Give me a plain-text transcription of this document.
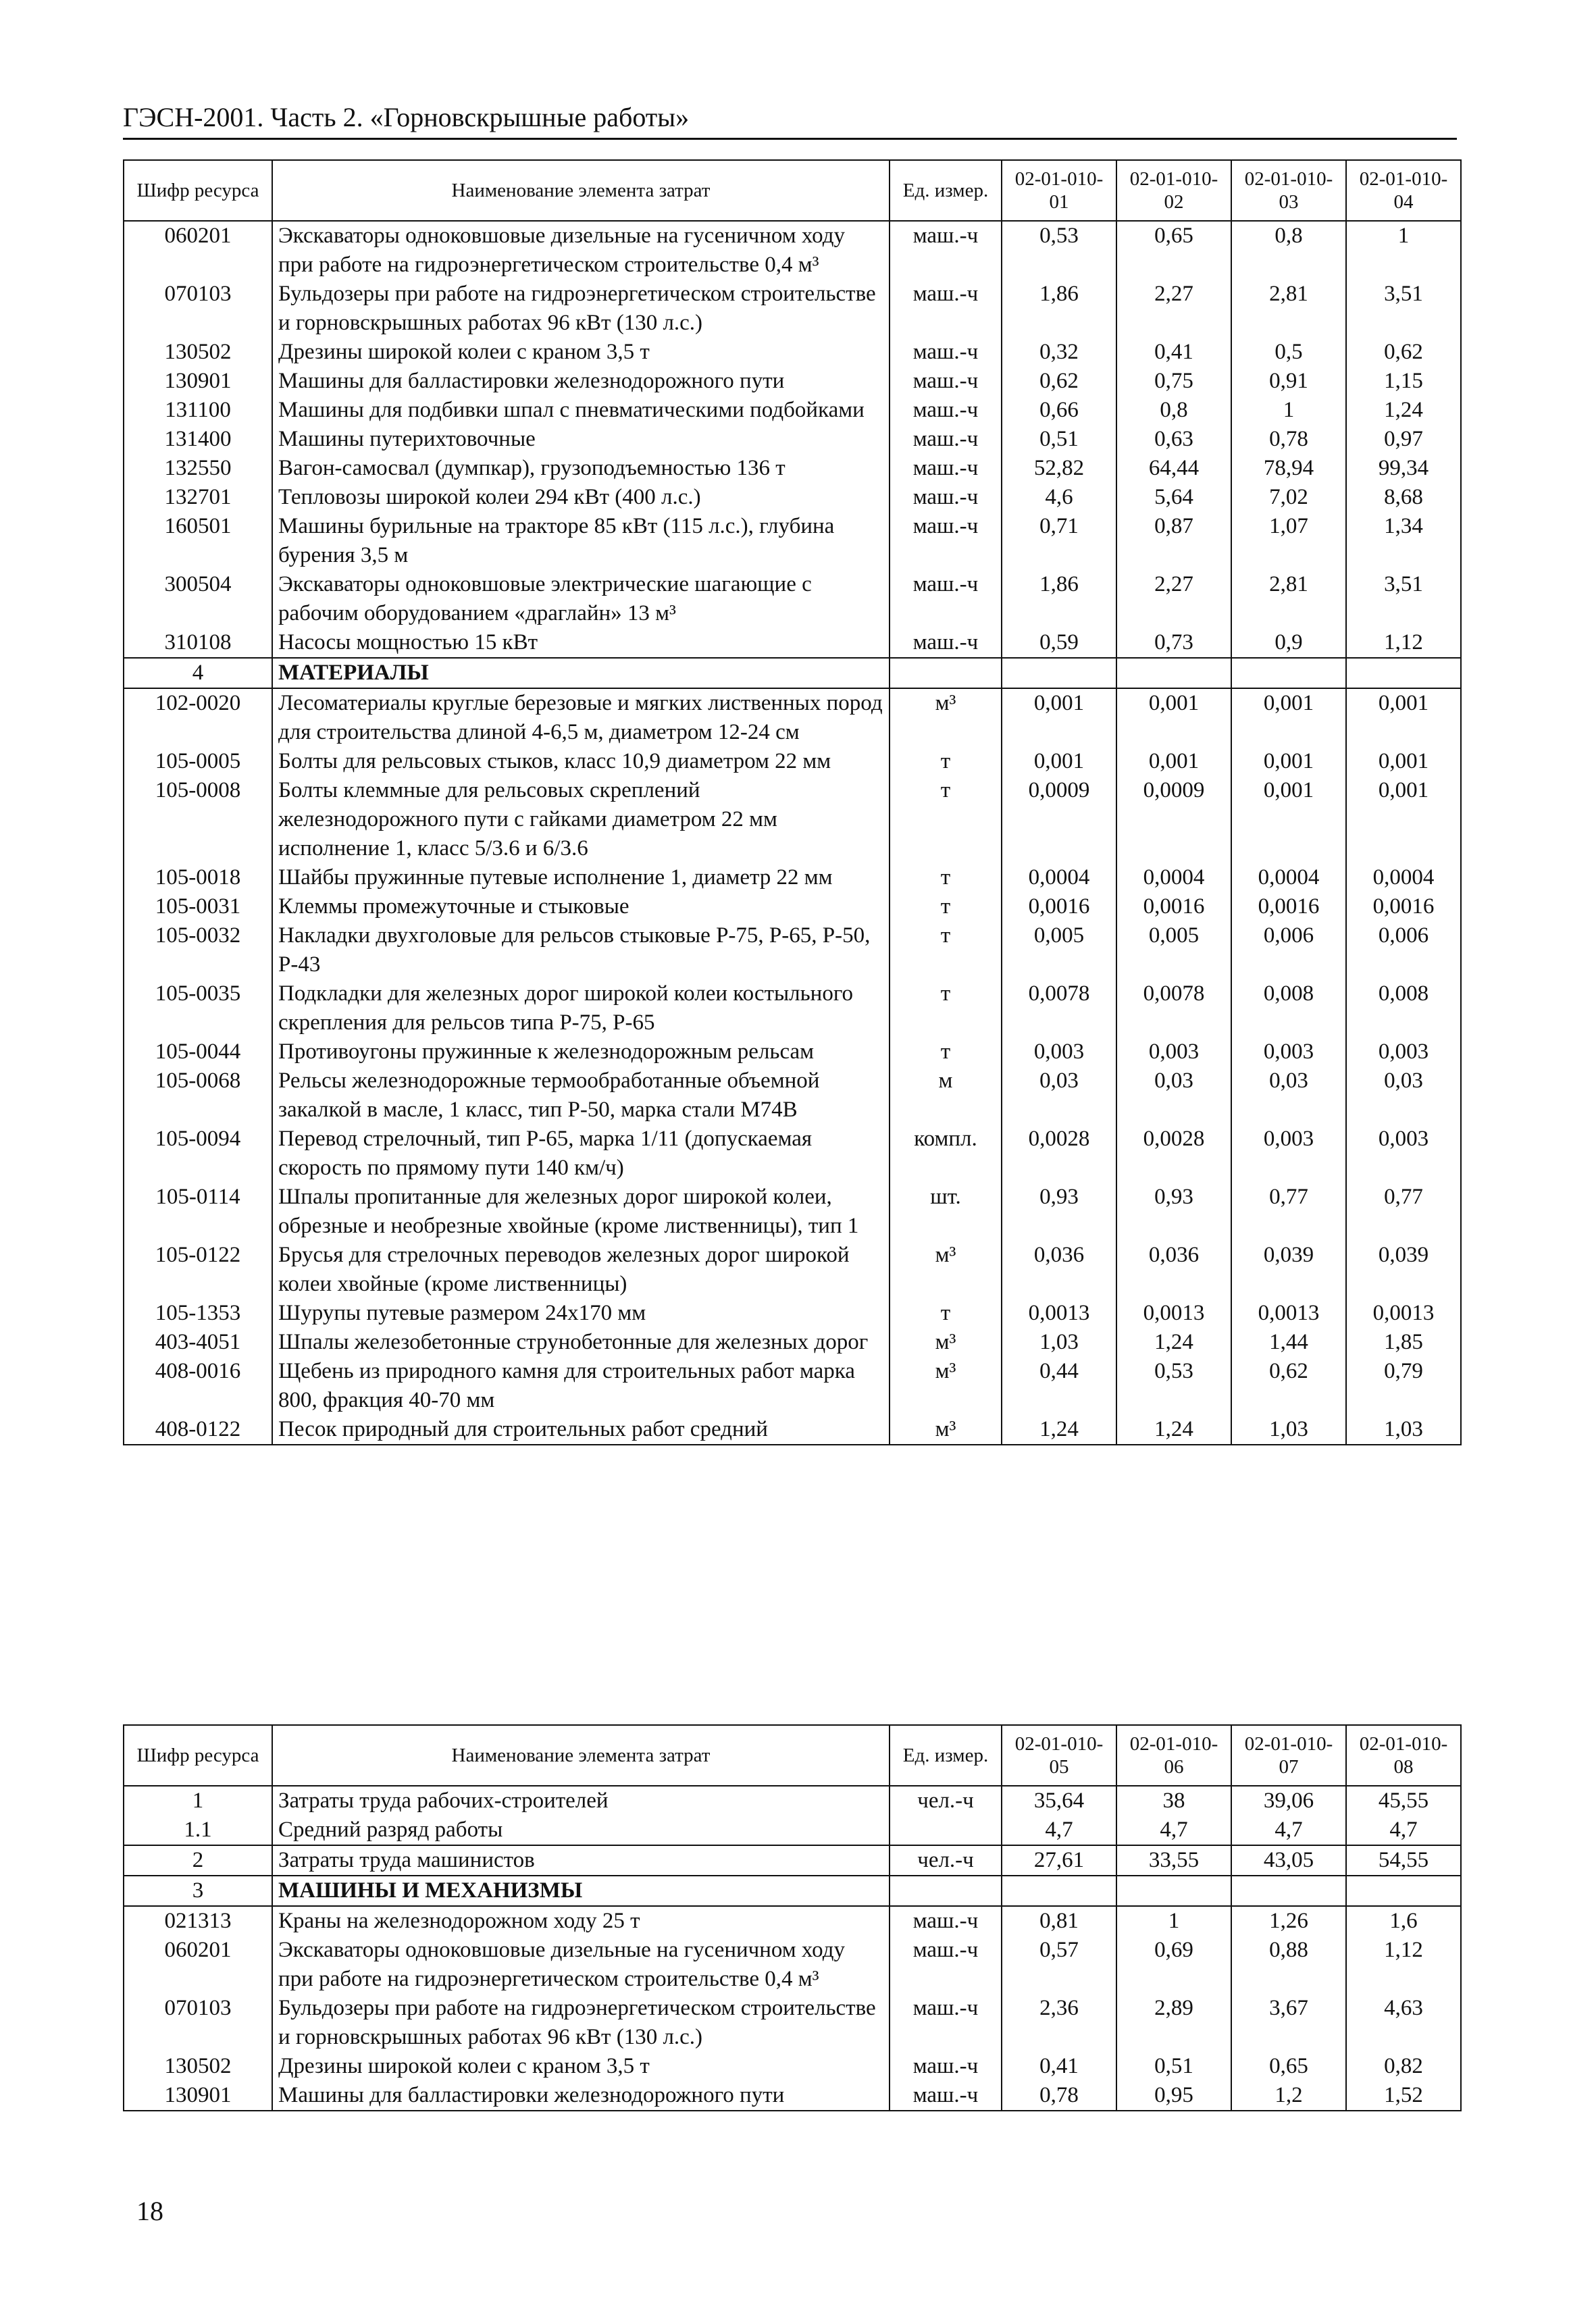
ГЭСН-2001. Часть 2. «Горновскрышные работы»
Шифр ресурса	Наименование элемента затрат	Ед. измер.	02-01-010-01	02-01-010-02	02-01-010-03	02-01-010-04
060201	Экскаваторы одноковшовые дизельные на гусеничном ходу при работе на гидроэнергетическом строительстве 0,4 м³	маш.-ч	0,53	0,65	0,8	1
070103	Бульдозеры при работе на гидроэнергетическом строительстве и горновскрышных работах 96 кВт (130 л.с.)	маш.-ч	1,86	2,27	2,81	3,51
130502	Дрезины широкой колеи с краном 3,5 т	маш.-ч	0,32	0,41	0,5	0,62
130901	Машины для балластировки железнодорожного пути	маш.-ч	0,62	0,75	0,91	1,15
131100	Машины для подбивки шпал с пневматическими подбойками	маш.-ч	0,66	0,8	1	1,24
131400	Машины путерихтовочные	маш.-ч	0,51	0,63	0,78	0,97
132550	Вагон-самосвал (думпкар), грузоподъемностью 136 т	маш.-ч	52,82	64,44	78,94	99,34
132701	Тепловозы широкой колеи 294 кВт (400 л.с.)	маш.-ч	4,6	5,64	7,02	8,68
160501	Машины бурильные на тракторе 85 кВт (115 л.с.), глубина бурения 3,5 м	маш.-ч	0,71	0,87	1,07	1,34
300504	Экскаваторы одноковшовые электрические шагающие с рабочим оборудованием «драглайн» 13 м³	маш.-ч	1,86	2,27	2,81	3,51
310108	Насосы мощностью 15 кВт	маш.-ч	0,59	0,73	0,9	1,12
4	МАТЕРИАЛЫ					
102-0020	Лесоматериалы круглые березовые и мягких лиственных пород для строительства длиной 4-6,5 м, диаметром 12-24 см	м³	0,001	0,001	0,001	0,001
105-0005	Болты для рельсовых стыков, класс 10,9 диаметром 22 мм	т	0,001	0,001	0,001	0,001
105-0008	Болты клеммные для рельсовых скреплений железнодорожного пути с гайками диаметром 22 мм исполнение 1, класс 5/3.6 и 6/3.6	т	0,0009	0,0009	0,001	0,001
105-0018	Шайбы пружинные путевые исполнение 1, диаметр 22 мм	т	0,0004	0,0004	0,0004	0,0004
105-0031	Клеммы промежуточные и стыковые	т	0,0016	0,0016	0,0016	0,0016
105-0032	Накладки двухголовые для рельсов стыковые Р-75, Р-65, Р-50, Р-43	т	0,005	0,005	0,006	0,006
105-0035	Подкладки для железных дорог широкой колеи костыльного скрепления для рельсов типа Р-75, Р-65	т	0,0078	0,0078	0,008	0,008
105-0044	Противоугоны пружинные к железнодорожным рельсам	т	0,003	0,003	0,003	0,003
105-0068	Рельсы железнодорожные термообработанные объемной закалкой в масле, 1 класс, тип Р-50, марка стали М74В	м	0,03	0,03	0,03	0,03
105-0094	Перевод стрелочный, тип Р-65, марка 1/11 (допускаемая скорость по прямому пути 140 км/ч)	компл.	0,0028	0,0028	0,003	0,003
105-0114	Шпалы пропитанные для железных дорог широкой колеи, обрезные и необрезные хвойные (кроме лиственницы), тип 1	шт.	0,93	0,93	0,77	0,77
105-0122	Брусья для стрелочных переводов железных дорог широкой колеи хвойные (кроме лиственницы)	м³	0,036	0,036	0,039	0,039
105-1353	Шурупы путевые размером 24х170 мм	т	0,0013	0,0013	0,0013	0,0013
403-4051	Шпалы железобетонные струнобетонные для железных дорог	м³	1,03	1,24	1,44	1,85
408-0016	Щебень из природного камня для строительных работ марка 800, фракция 40-70 мм	м³	0,44	0,53	0,62	0,79
408-0122	Песок природный для строительных работ средний	м³	1,24	1,24	1,03	1,03
Шифр ресурса	Наименование элемента затрат	Ед. измер.	02-01-010-05	02-01-010-06	02-01-010-07	02-01-010-08
1	Затраты труда рабочих-строителей	чел.-ч	35,64	38	39,06	45,55
1.1	Средний разряд работы		4,7	4,7	4,7	4,7
2	Затраты труда машинистов	чел.-ч	27,61	33,55	43,05	54,55
3	МАШИНЫ И МЕХАНИЗМЫ					
021313	Краны на железнодорожном ходу 25 т	маш.-ч	0,81	1	1,26	1,6
060201	Экскаваторы одноковшовые дизельные на гусеничном ходу при работе на гидроэнергетическом строительстве 0,4 м³	маш.-ч	0,57	0,69	0,88	1,12
070103	Бульдозеры при работе на гидроэнергетическом строительстве и горновскрышных работах 96 кВт (130 л.с.)	маш.-ч	2,36	2,89	3,67	4,63
130502	Дрезины широкой колеи с краном 3,5 т	маш.-ч	0,41	0,51	0,65	0,82
130901	Машины для балластировки железнодорожного пути	маш.-ч	0,78	0,95	1,2	1,52
18
